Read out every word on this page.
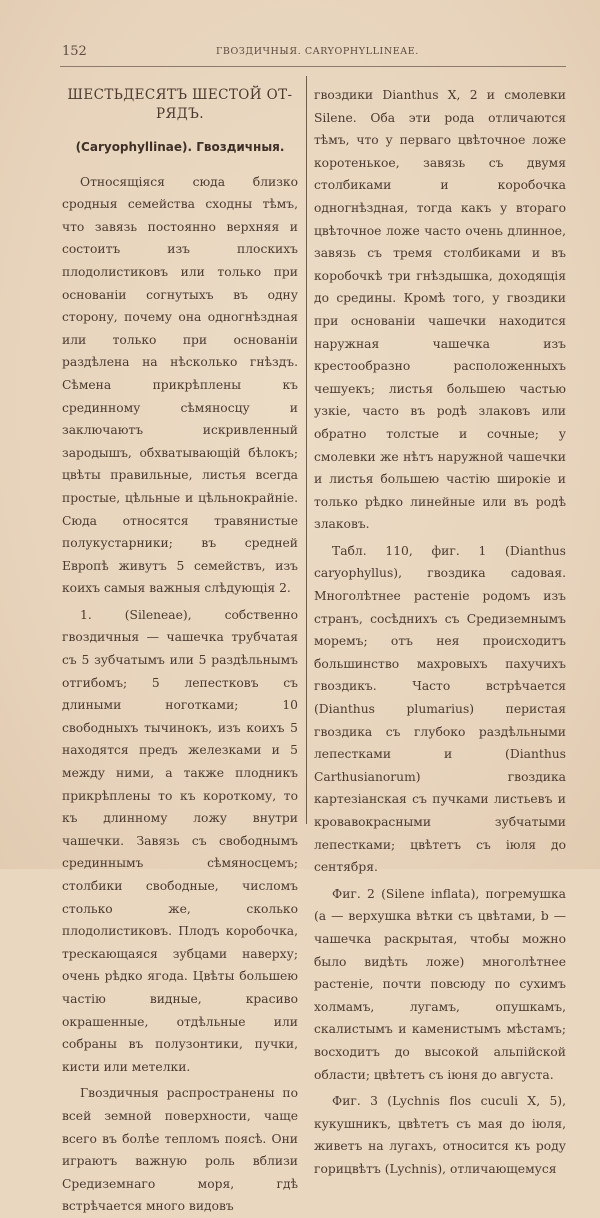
152	ГВОЗДИЧНЫЯ. CARYOPHYLLINEAE.
ШЕСТЬДЕСЯТЪ ШЕСТОЙ ОТ-РЯДЪ.
(Caryophyllinae). Гвоздичныя.

Относящіяся сюда близко сродныя семейства сходны тѣмъ, что завязь постоянно верхняя и состоитъ изъ плоскихъ плодолистиковъ или только при основаніи согнутыхъ въ одну сторону, почему она одногнѣздная или только при основаніи раздѣлена на нѣсколько гнѣздъ. Сѣмена прикрѣплены къ срединному сѣмяносцу и заключаютъ искривленный зародышъ, обхватывающій бѣлокъ; цвѣты правильные, листья всегда простые, цѣльные и цѣльнокрайніе. Сюда относятся травянистые полукустарники; въ средней Европѣ живутъ 5 семействъ, изъ коихъ самыя важныя слѣдующія 2.

1. (Sileneae), собственно гвоздичныя — чашечка трубчатая съ 5 зубчатымъ или 5 раздѣльнымъ отгибомъ; 5 лепестковъ съ длиными ноготками; 10 свободныхъ тычинокъ, изъ коихъ 5 находятся предъ железками и 5 между ними, а также плодникъ прикрѣплены то къ короткому, то къ длинному ложу внутри чашечки. Завязь съ свободнымъ срединнымъ сѣмяносцемъ; столбики свободные, числомъ столько же, сколько плодолистиковъ. Плодъ коробочка, трескающаяся зубцами наверху; очень рѣдко ягода. Цвѣты большею частію видные, красиво окрашенные, отдѣльные или собраны въ полузонтики, пучки, кисти или метелки.

Гвоздичныя распространены по всей земной поверхности, чаще всего въ болѣе тепломъ поясѣ. Они играютъ важную роль вблизи Средиземнаго моря, гдѣ встрѣчается много видовъ

гвоздики Dianthus X, 2 и смолевки Silene. Оба эти рода отличаются тѣмъ, что у перваго цвѣточное ложе коротенькое, завязь съ двумя столбиками и коробочка одногнѣздная, тогда какъ у втораго цвѣточное ложе часто очень длинное, завязь съ тремя столбиками и въ коробочкѣ три гнѣздышка, доходящія до средины. Кромѣ того, у гвоздики при основаніи чашечки находится наружная чашечка изъ крестообразно расположенныхъ чешуекъ; листья большею частью узкіе, часто въ родѣ злаковъ или обратно толстые и сочные; у смолевки же нѣтъ наружной чашечки и листья большею частію широкіе и только рѣдко линейные или въ родѣ злаковъ.

Табл. 110, фиг. 1 (Dianthus caryophyllus), гвоздика садовая. Многолѣтнее растеніе родомъ изъ странъ, сосѣднихъ съ Средиземнымъ моремъ; отъ нея происходитъ большинство махровыхъ пахучихъ гвоздикъ. Часто встрѣчается (Dianthus plumarius) перистая гвоздика съ глубоко раздѣльными лепестками и (Dianthus Carthusianorum) гвоздика картезіанская съ пучками листьевъ и кровавокрасными зубчатыми лепестками; цвѣтетъ съ іюля до сентября.

Фиг. 2 (Silene inflata), погремушка (a — верхушка вѣтки съ цвѣтами, b — чашечка раскрытая, чтобы можно было видѣть ложе) многолѣтнее растеніе, почти повсюду по сухимъ холмамъ, лугамъ, опушкамъ, скалистымъ и каменистымъ мѣстамъ; восходитъ до высокой альпійской области; цвѣтетъ съ іюня до августа.

Фиг. 3 (Lychnis flos cuculi X, 5), кукушникъ, цвѣтетъ съ мая до іюля, живетъ на лугахъ, относится къ роду горицвѣтъ (Lychnis), отличающемуся
